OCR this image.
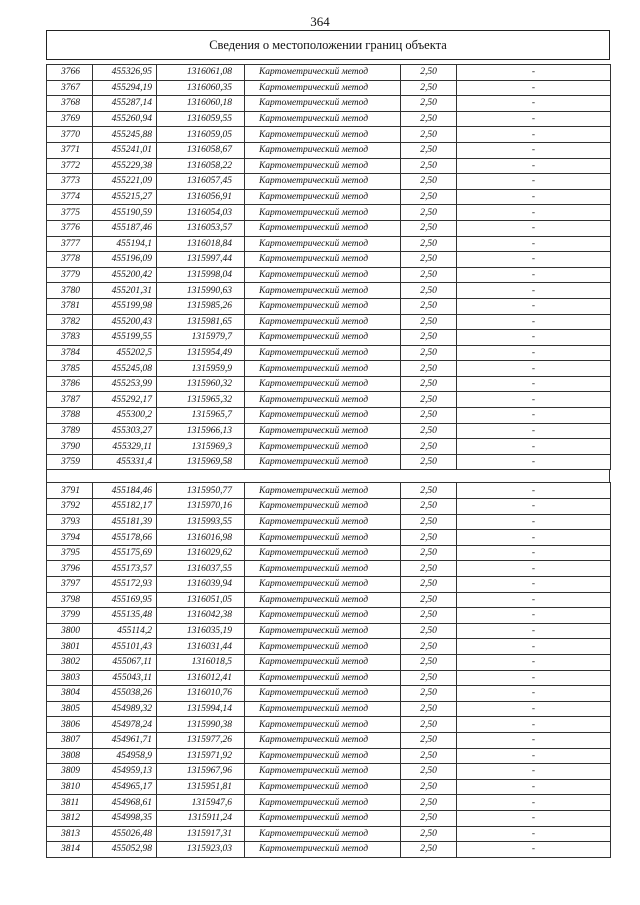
364
Сведения о местоположении границ объекта
3766	455326,95	1316061,08	Картометрический метод	2,50	-
3767	455294,19	1316060,35	Картометрический метод	2,50	-
3768	455287,14	1316060,18	Картометрический метод	2,50	-
3769	455260,94	1316059,55	Картометрический метод	2,50	-
3770	455245,88	1316059,05	Картометрический метод	2,50	-
3771	455241,01	1316058,67	Картометрический метод	2,50	-
3772	455229,38	1316058,22	Картометрический метод	2,50	-
3773	455221,09	1316057,45	Картометрический метод	2,50	-
3774	455215,27	1316056,91	Картометрический метод	2,50	-
3775	455190,59	1316054,03	Картометрический метод	2,50	-
3776	455187,46	1316053,57	Картометрический метод	2,50	-
3777	455194,1	1316018,84	Картометрический метод	2,50	-
3778	455196,09	1315997,44	Картометрический метод	2,50	-
3779	455200,42	1315998,04	Картометрический метод	2,50	-
3780	455201,31	1315990,63	Картометрический метод	2,50	-
3781	455199,98	1315985,26	Картометрический метод	2,50	-
3782	455200,43	1315981,65	Картометрический метод	2,50	-
3783	455199,55	1315979,7	Картометрический метод	2,50	-
3784	455202,5	1315954,49	Картометрический метод	2,50	-
3785	455245,08	1315959,9	Картометрический метод	2,50	-
3786	455253,99	1315960,32	Картометрический метод	2,50	-
3787	455292,17	1315965,32	Картометрический метод	2,50	-
3788	455300,2	1315965,7	Картометрический метод	2,50	-
3789	455303,27	1315966,13	Картометрический метод	2,50	-
3790	455329,11	1315969,3	Картометрический метод	2,50	-
3759	455331,4	1315969,58	Картометрический метод	2,50	-
3791	455184,46	1315950,77	Картометрический метод	2,50	-
3792	455182,17	1315970,16	Картометрический метод	2,50	-
3793	455181,39	1315993,55	Картометрический метод	2,50	-
3794	455178,66	1316016,98	Картометрический метод	2,50	-
3795	455175,69	1316029,62	Картометрический метод	2,50	-
3796	455173,57	1316037,55	Картометрический метод	2,50	-
3797	455172,93	1316039,94	Картометрический метод	2,50	-
3798	455169,95	1316051,05	Картометрический метод	2,50	-
3799	455135,48	1316042,38	Картометрический метод	2,50	-
3800	455114,2	1316035,19	Картометрический метод	2,50	-
3801	455101,43	1316031,44	Картометрический метод	2,50	-
3802	455067,11	1316018,5	Картометрический метод	2,50	-
3803	455043,11	1316012,41	Картометрический метод	2,50	-
3804	455038,26	1316010,76	Картометрический метод	2,50	-
3805	454989,32	1315994,14	Картометрический метод	2,50	-
3806	454978,24	1315990,38	Картометрический метод	2,50	-
3807	454961,71	1315977,26	Картометрический метод	2,50	-
3808	454958,9	1315971,92	Картометрический метод	2,50	-
3809	454959,13	1315967,96	Картометрический метод	2,50	-
3810	454965,17	1315951,81	Картометрический метод	2,50	-
3811	454968,61	1315947,6	Картометрический метод	2,50	-
3812	454998,35	1315911,24	Картометрический метод	2,50	-
3813	455026,48	1315917,31	Картометрический метод	2,50	-
3814	455052,98	1315923,03	Картометрический метод	2,50	-
